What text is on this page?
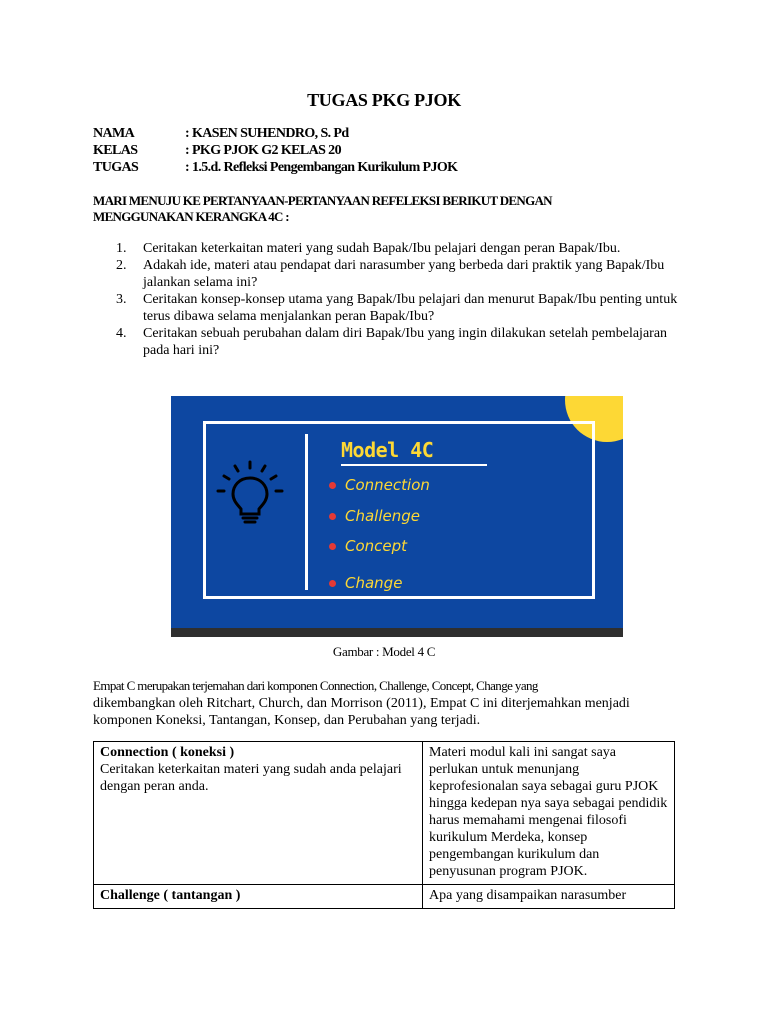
TUGAS PKG PJOK
NAMA	: KASEN SUHENDRO, S. Pd
KELAS	: PKG PJOK G2 KELAS 20
TUGAS	: 1.5.d. Refleksi Pengembangan Kurikulum PJOK
MARI MENUJU KE PERTANYAAN-PERTANYAAN REFELEKSI BERIKUT DENGAN MENGGUNAKAN KERANGKA 4C :
1. Ceritakan keterkaitan materi yang sudah Bapak/Ibu pelajari dengan peran Bapak/Ibu.
2. Adakah ide, materi atau pendapat dari narasumber yang berbeda dari praktik yang Bapak/Ibu jalankan selama ini?
3. Ceritakan konsep-konsep utama yang Bapak/Ibu pelajari dan menurut Bapak/Ibu penting untuk terus dibawa selama menjalankan peran Bapak/Ibu?
4. Ceritakan sebuah perubahan dalam diri Bapak/Ibu yang ingin dilakukan setelah pembelajaran pada hari ini?
Model 4C
Connection
Challenge
Concept
Change
Gambar : Model 4 C
Empat C merupakan terjemahan dari komponen Connection, Challenge, Concept, Change yang
dikembangkan oleh Ritchart, Church, dan Morrison (2011), Empat C ini diterjemahkan menjadi komponen Koneksi, Tantangan, Konsep, dan Perubahan yang terjadi.
Connection ( koneksi )
Ceritakan keterkaitan materi yang sudah anda pelajari dengan peran anda.	Materi modul kali ini sangat saya perlukan untuk menunjang keprofesionalan saya sebagai guru PJOK hingga kedepan nya saya sebagai pendidik harus memahami mengenai filosofi kurikulum Merdeka, konsep pengembangan kurikulum dan penyusunan program PJOK.

Challenge ( tantangan )	Apa yang disampaikan narasumber
